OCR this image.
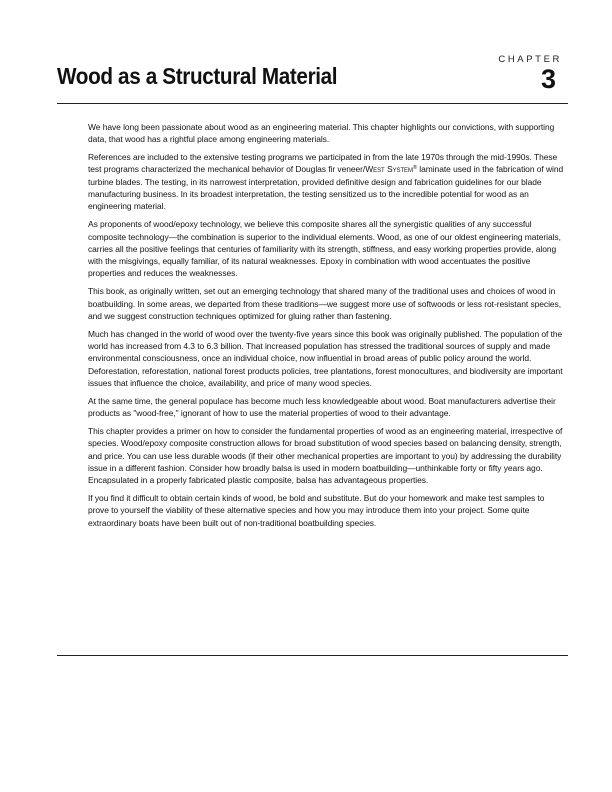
CHAPTER
3
Wood as a Structural Material

We have long been passionate about wood as an engineering material. This chapter highlights our convictions, with supporting data, that wood has a rightful place among engineering materials.

References are included to the extensive testing programs we participated in from the late 1970s through the mid-1990s. These test programs characterized the mechanical behavior of Douglas fir veneer/West System® laminate used in the fabrication of wind turbine blades. The testing, in its narrowest interpretation, provided definitive design and fabrication guidelines for our blade manufacturing business. In its broadest interpretation, the testing sensitized us to the incredible potential for wood as an engineering material.

As proponents of wood/epoxy technology, we believe this composite shares all the synergistic qualities of any successful composite technology—the combination is superior to the individual elements. Wood, as one of our oldest engineering materials, carries all the positive feelings that centuries of familiarity with its strength, stiffness, and easy working properties provide, along with the misgivings, equally familiar, of its natural weaknesses. Epoxy in combination with wood accentuates the positive properties and reduces the weaknesses.

This book, as originally written, set out an emerging technology that shared many of the traditional uses and choices of wood in boatbuilding. In some areas, we departed from these traditions—we suggest more use of softwoods or less rot-resistant species, and we suggest construction techniques optimized for gluing rather than fastening.

Much has changed in the world of wood over the twenty-five years since this book was originally published. The population of the world has increased from 4.3 to 6.3 billion. That increased population has stressed the traditional sources of supply and made environmental consciousness, once an individual choice, now influential in broad areas of public policy around the world. Deforestation, reforestation, national forest products policies, tree plantations, forest monocultures, and biodiversity are important issues that influence the choice, availability, and price of many wood species.

At the same time, the general populace has become much less knowledgeable about wood. Boat manufacturers advertise their products as "wood-free," ignorant of how to use the material properties of wood to their advantage.

This chapter provides a primer on how to consider the fundamental properties of wood as an engineering material, irrespective of species. Wood/epoxy composite construction allows for broad substitution of wood species based on balancing density, strength, and price. You can use less durable woods (if their other mechanical properties are important to you) by addressing the durability issue in a different fashion. Consider how broadly balsa is used in modern boatbuilding—unthinkable forty or fifty years ago. Encapsulated in a properly fabricated plastic composite, balsa has advantageous properties.

If you find it difficult to obtain certain kinds of wood, be bold and substitute. But do your homework and make test samples to prove to yourself the viability of these alternative species and how you may introduce them into your project. Some quite extraordinary boats have been built out of non-traditional boatbuilding species.
